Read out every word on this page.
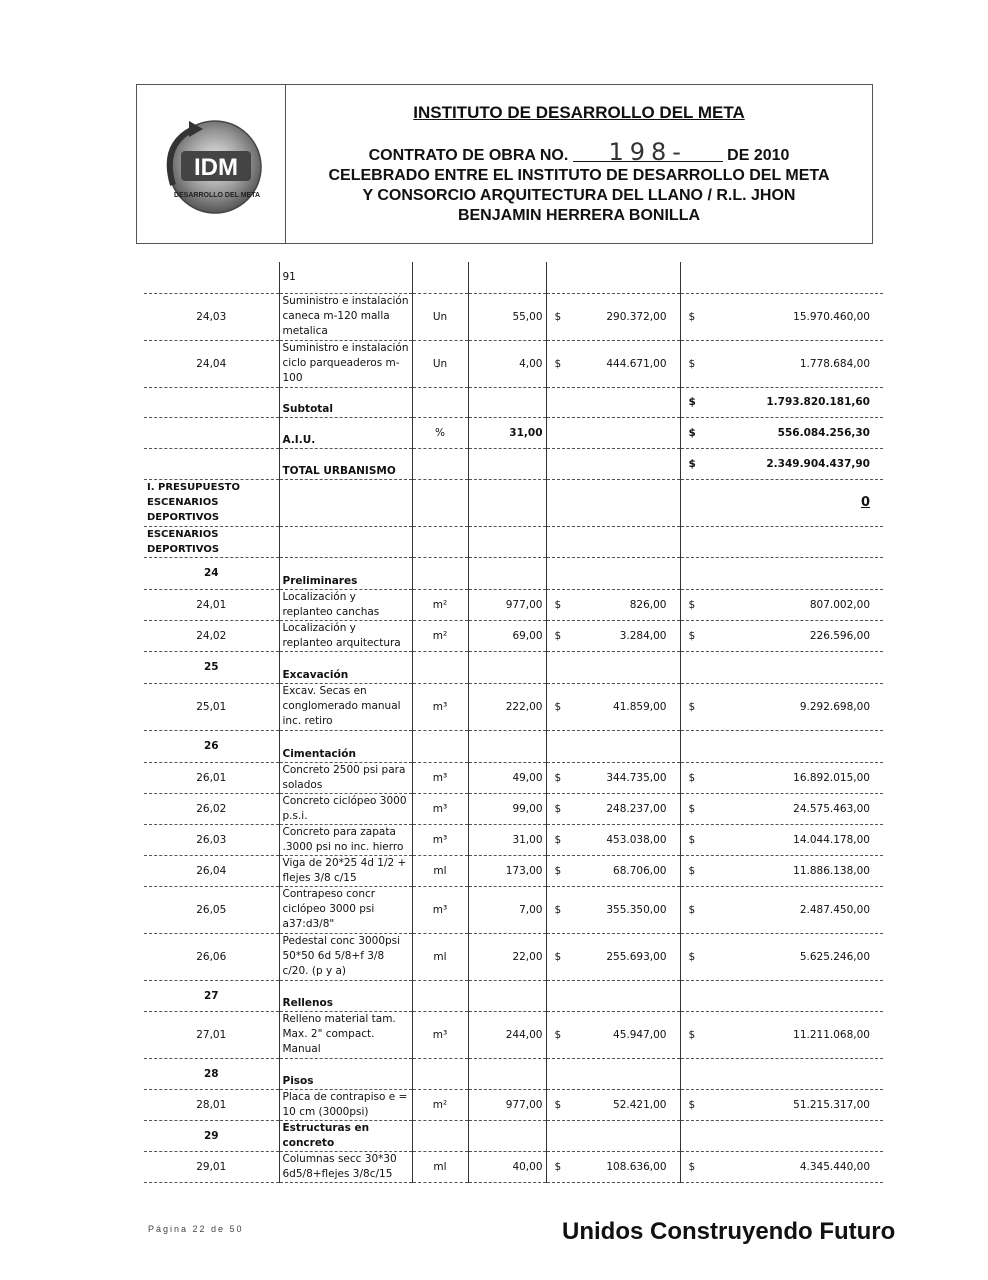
IDM
DESARROLLO DEL META
INSTITUTO DE DESARROLLO DEL META
CONTRATO DE OBRA NO. 198-	DE 2010
CELEBRADO ENTRE EL INSTITUTO DE DESARROLLO DEL META
Y CONSORCIO ARQUITECTURA DEL LLANO / R.L. JHON
BENJAMIN HERRERA BONILLA
	91			

24,03	Suministro e instalación caneca m-120 malla metalica	Un	55,00	$ 290.372,00	$ 15.970.460,00

24,04	Suministro e instalación ciclo parqueaderos m-100	Un	4,00	$ 444.671,00	$ 1.778.684,00

	Subtotal				$ 1.793.820.181,60

	A.I.U.	%	31,00		$ 556.084.256,30

	TOTAL URBANISMO				$ 2.349.904.437,90

I. PRESUPUESTO ESCENARIOS DEPORTIVOS					0

ESCENARIOS DEPORTIVOS				

24	Preliminares			

24,01	Localización y replanteo canchas	m²	977,00	$ 826,00	$ 807.002,00

24,02	Localización y replanteo arquitectura	m²	69,00	$ 3.284,00	$ 226.596,00

25	Excavación			

25,01	Excav. Secas en conglomerado manual inc. retiro	m³	222,00	$ 41.859,00	$ 9.292.698,00

26	Cimentación			

26,01	Concreto 2500 psi para solados	m³	49,00	$ 344.735,00	$ 16.892.015,00

26,02	Concreto ciclópeo 3000 p.s.i.	m³	99,00	$ 248.237,00	$ 24.575.463,00

26,03	Concreto para zapata .3000 psi no inc. hierro	m³	31,00	$ 453.038,00	$ 14.044.178,00

26,04	Viga de 20*25 4d 1/2 + flejes 3/8 c/15	ml	173,00	$ 68.706,00	$ 11.886.138,00

26,05	Contrapeso concr ciclópeo 3000 psi a37:d3/8"	m³	7,00	$ 355.350,00	$ 2.487.450,00

26,06	Pedestal conc 3000psi 50*50 6d 5/8+f 3/8 c/20. (p y a)	ml	22,00	$ 255.693,00	$ 5.625.246,00

27	Rellenos			

27,01	Relleno material tam. Max. 2" compact. Manual	m³	244,00	$ 45.947,00	$ 11.211.068,00

28	Pisos			

28,01	Placa de contrapiso e = 10 cm (3000psi)	m²	977,00	$ 52.421,00	$ 51.215.317,00

29	Estructuras en concreto			

29,01	Columnas secc 30*30 6d5/8+flejes 3/8c/15	ml	40,00	$ 108.636,00	$ 4.345.440,00
Página 22 de 50	Unidos Construyendo Futuro
